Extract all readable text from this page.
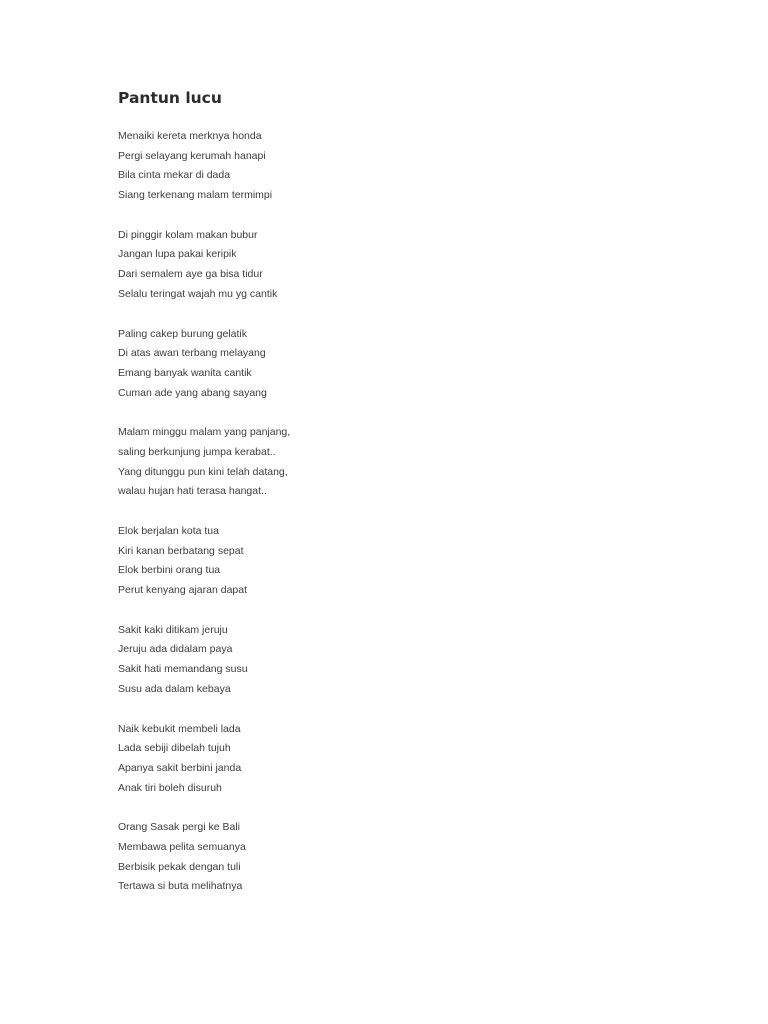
Pantun lucu
Menaiki kereta merknya honda
Pergi selayang kerumah hanapi
Bila cinta mekar di dada
Siang terkenang malam termimpi
Di pinggir kolam makan bubur
Jangan lupa pakai keripik
Dari semalem aye ga bisa tidur
Selalu teringat wajah mu yg cantik
Paling cakep burung gelatik
Di atas awan terbang melayang
Emang banyak wanita cantik
Cuman ade yang abang sayang
Malam minggu malam yang panjang,
saling berkunjung jumpa kerabat..
Yang ditunggu pun kini telah datang,
walau hujan hati terasa hangat..
Elok berjalan kota tua
Kiri kanan berbatang sepat
Elok berbini orang tua
Perut kenyang ajaran dapat
Sakit kaki ditikam jeruju
Jeruju ada didalam paya
Sakit hati memandang susu
Susu ada dalam kebaya
Naik kebukit membeli lada
Lada sebiji dibelah tujuh
Apanya sakit berbini janda
Anak tiri boleh disuruh
Orang Sasak pergi ke Bali
Membawa pelita semuanya
Berbisik pekak dengan tuli
Tertawa si buta melihatnya
